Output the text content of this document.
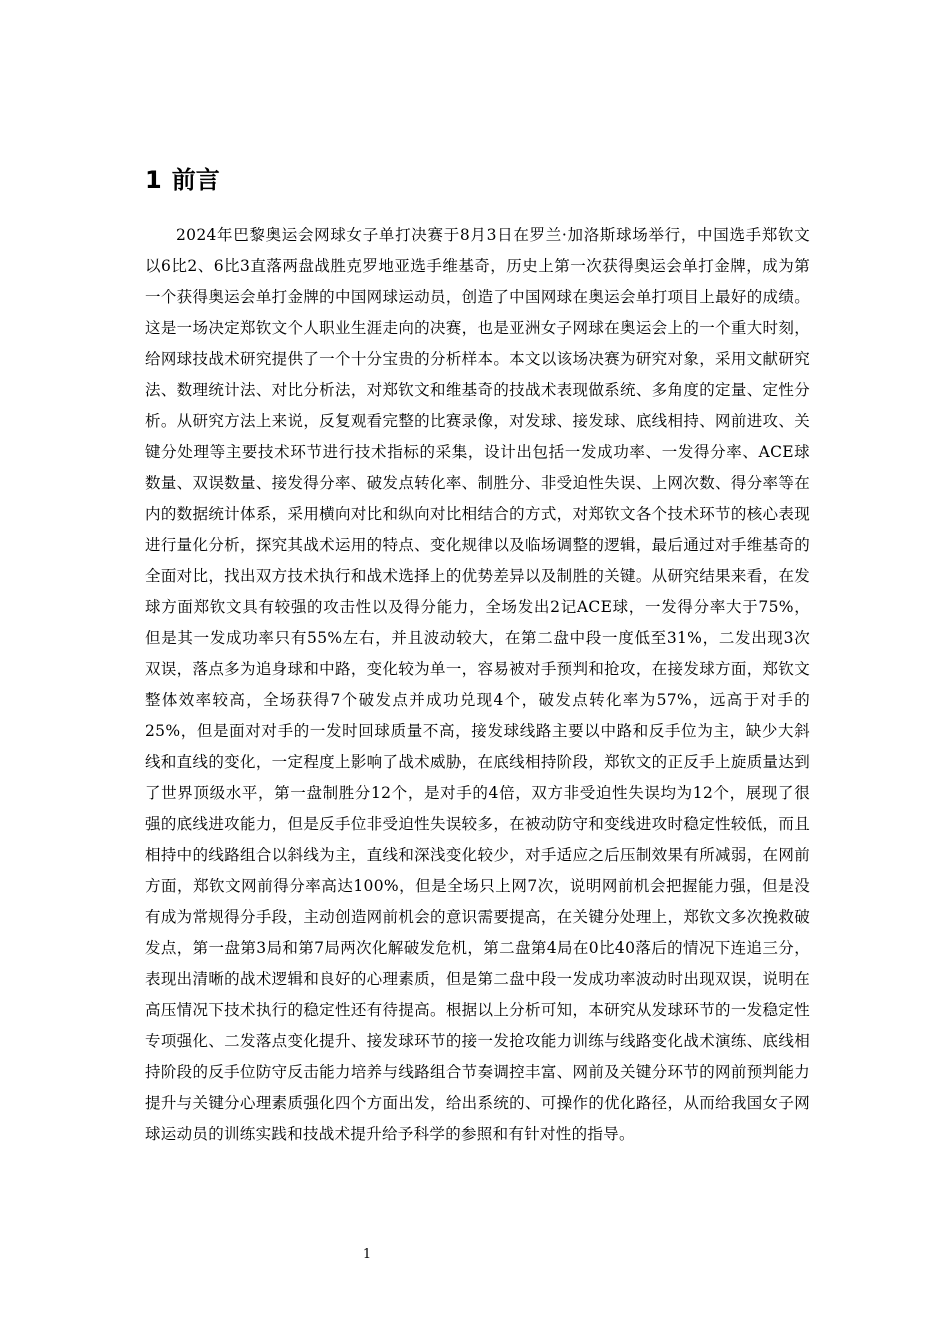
1 前言

2024年巴黎奥运会网球女子单打决赛于8月3日在罗兰·加洛斯球场举行，中国选手郑钦文以6比2、6比3直落两盘战胜克罗地亚选手维基奇，历史上第一次获得奥运会单打金牌，成为第一个获得奥运会单打金牌的中国网球运动员，创造了中国网球在奥运会单打项目上最好的成绩。这是一场决定郑钦文个人职业生涯走向的决赛，也是亚洲女子网球在奥运会上的一个重大时刻，给网球技战术研究提供了一个十分宝贵的分析样本。本文以该场决赛为研究对象，采用文献研究法、数理统计法、对比分析法，对郑钦文和维基奇的技战术表现做系统、多角度的定量、定性分析。从研究方法上来说，反复观看完整的比赛录像，对发球、接发球、底线相持、网前进攻、关键分处理等主要技术环节进行技术指标的采集，设计出包括一发成功率、一发得分率、ACE球数量、双误数量、接发得分率、破发点转化率、制胜分、非受迫性失误、上网次数、得分率等在内的数据统计体系，采用横向对比和纵向对比相结合的方式，对郑钦文各个技术环节的核心表现进行量化分析，探究其战术运用的特点、变化规律以及临场调整的逻辑，最后通过对手维基奇的全面对比，找出双方技术执行和战术选择上的优势差异以及制胜的关键。从研究结果来看，在发球方面郑钦文具有较强的攻击性以及得分能力，全场发出2记ACE球，一发得分率大于75%，但是其一发成功率只有55%左右，并且波动较大，在第二盘中段一度低至31%，二发出现3次双误，落点多为追身球和中路，变化较为单一，容易被对手预判和抢攻，在接发球方面，郑钦文整体效率较高，全场获得7个破发点并成功兑现4个，破发点转化率为57%，远高于对手的25%，但是面对对手的一发时回球质量不高，接发球线路主要以中路和反手位为主，缺少大斜线和直线的变化，一定程度上影响了战术威胁，在底线相持阶段，郑钦文的正反手上旋质量达到了世界顶级水平，第一盘制胜分12个，是对手的4倍，双方非受迫性失误均为12个，展现了很强的底线进攻能力，但是反手位非受迫性失误较多，在被动防守和变线进攻时稳定性较低，而且相持中的线路组合以斜线为主，直线和深浅变化较少，对手适应之后压制效果有所减弱，在网前方面，郑钦文网前得分率高达100%，但是全场只上网7次，说明网前机会把握能力强，但是没有成为常规得分手段，主动创造网前机会的意识需要提高，在关键分处理上，郑钦文多次挽救破发点，第一盘第3局和第7局两次化解破发危机，第二盘第4局在0比40落后的情况下连追三分，表现出清晰的战术逻辑和良好的心理素质，但是第二盘中段一发成功率波动时出现双误，说明在高压情况下技术执行的稳定性还有待提高。根据以上分析可知，本研究从发球环节的一发稳定性专项强化、二发落点变化提升、接发球环节的接一发抢攻能力训练与线路变化战术演练、底线相持阶段的反手位防守反击能力培养与线路组合节奏调控丰富、网前及关键分环节的网前预判能力提升与关键分心理素质强化四个方面出发，给出系统的、可操作的优化路径，从而给我国女子网球运动员的训练实践和技战术提升给予科学的参照和有针对性的指导。

1
